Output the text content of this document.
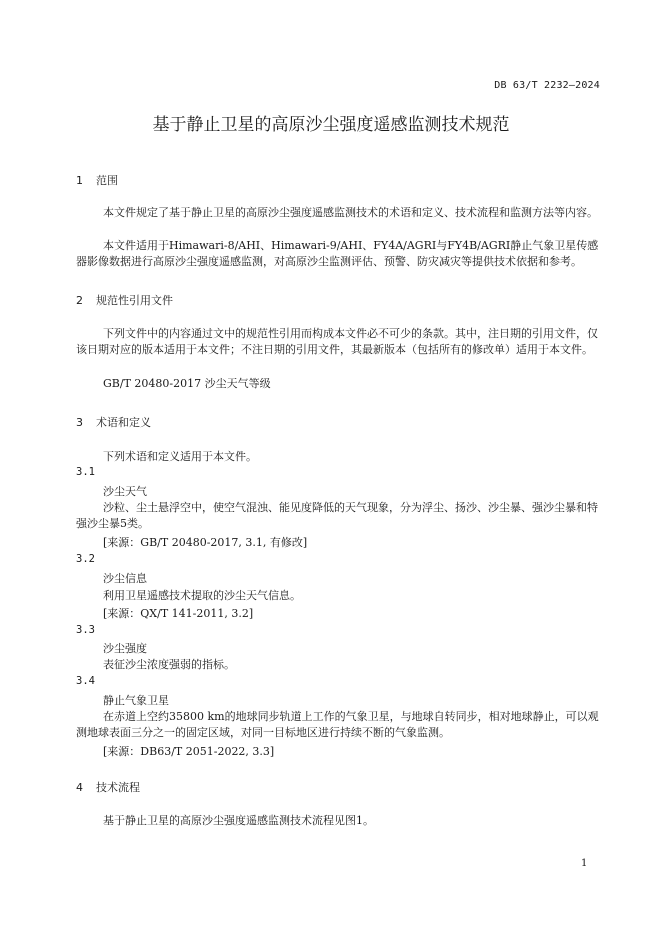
DB 63/T 2232—2024
基于静止卫星的高原沙尘强度遥感监测技术规范
1 范围
本文件规定了基于静止卫星的高原沙尘强度遥感监测技术的术语和定义、技术流程和监测方法等内容。
本文件适用于Himawari-8/AHI、Himawari-9/AHI、FY4A/AGRI与FY4B/AGRI静止气象卫星传感器影像数据进行高原沙尘强度遥感监测，对高原沙尘监测评估、预警、防灾减灾等提供技术依据和参考。
2 规范性引用文件
下列文件中的内容通过文中的规范性引用而构成本文件必不可少的条款。其中，注日期的引用文件，仅该日期对应的版本适用于本文件；不注日期的引用文件，其最新版本（包括所有的修改单）适用于本文件。
GB/T 20480-2017 沙尘天气等级
3 术语和定义
下列术语和定义适用于本文件。
3.1
沙尘天气
沙粒、尘土悬浮空中，使空气混浊、能见度降低的天气现象，分为浮尘、扬沙、沙尘暴、强沙尘暴和特强沙尘暴5类。
[来源：GB/T 20480-2017, 3.1, 有修改]
3.2
沙尘信息
利用卫星遥感技术提取的沙尘天气信息。
[来源：QX/T 141-2011, 3.2]
3.3
沙尘强度
表征沙尘浓度强弱的指标。
3.4
静止气象卫星
在赤道上空约35800 km的地球同步轨道上工作的气象卫星，与地球自转同步，相对地球静止，可以观测地球表面三分之一的固定区域，对同一目标地区进行持续不断的气象监测。
[来源：DB63/T 2051-2022, 3.3]
4 技术流程
基于静止卫星的高原沙尘强度遥感监测技术流程见图1。
1
